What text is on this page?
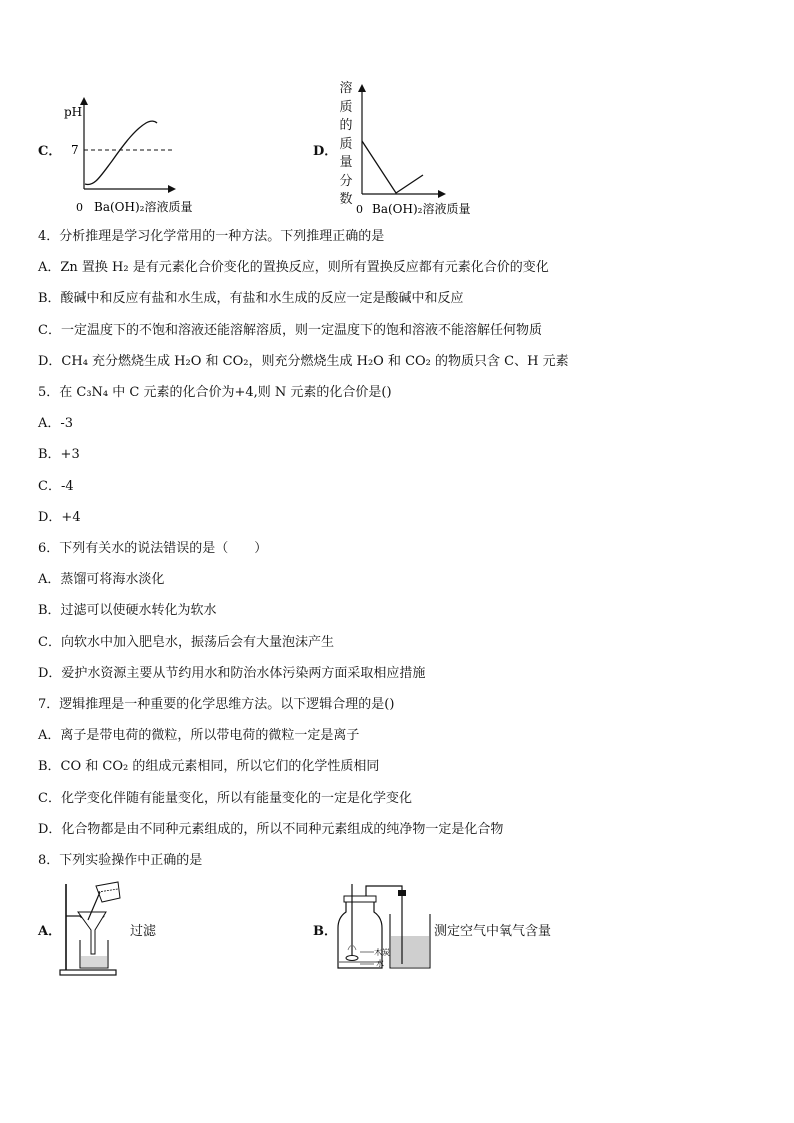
C．
pH
7
0 Ba(OH)₂溶液质量
D．
溶
质
的
质
量
分
数
0 Ba(OH)₂溶液质量
4．分析推理是学习化学常用的一种方法。下列推理正确的是
A．Zn 置换 H₂ 是有元素化合价变化的置换反应，则所有置换反应都有元素化合价的变化
B．酸碱中和反应有盐和水生成，有盐和水生成的反应一定是酸碱中和反应
C．一定温度下的不饱和溶液还能溶解溶质，则一定温度下的饱和溶液不能溶解任何物质
D．CH₄ 充分燃烧生成 H₂O 和 CO₂，则充分燃烧生成 H₂O 和 CO₂ 的物质只含 C、H 元素
5．在 C₃N₄ 中 C 元素的化合价为+4,则 N 元素的化合价是()
A．-3
B．+3
C．-4
D．+4
6．下列有关水的说法错误的是（　　）
A．蒸馏可将海水淡化
B．过滤可以使硬水转化为软水
C．向软水中加入肥皂水，振荡后会有大量泡沫产生
D．爱护水资源主要从节约用水和防治水体污染两方面采取相应措施
7．逻辑推理是一种重要的化学思维方法。以下逻辑合理的是()
A．离子是带电荷的微粒，所以带电荷的微粒一定是离子
B．CO 和 CO₂ 的组成元素相同，所以它们的化学性质相同
C．化学变化伴随有能量变化，所以有能量变化的一定是化学变化
D．化合物都是由不同种元素组成的，所以不同种元素组成的纯净物一定是化合物
8．下列实验操作中正确的是
A．	过滤	B．
木炭
水
测定空气中氧气含量
